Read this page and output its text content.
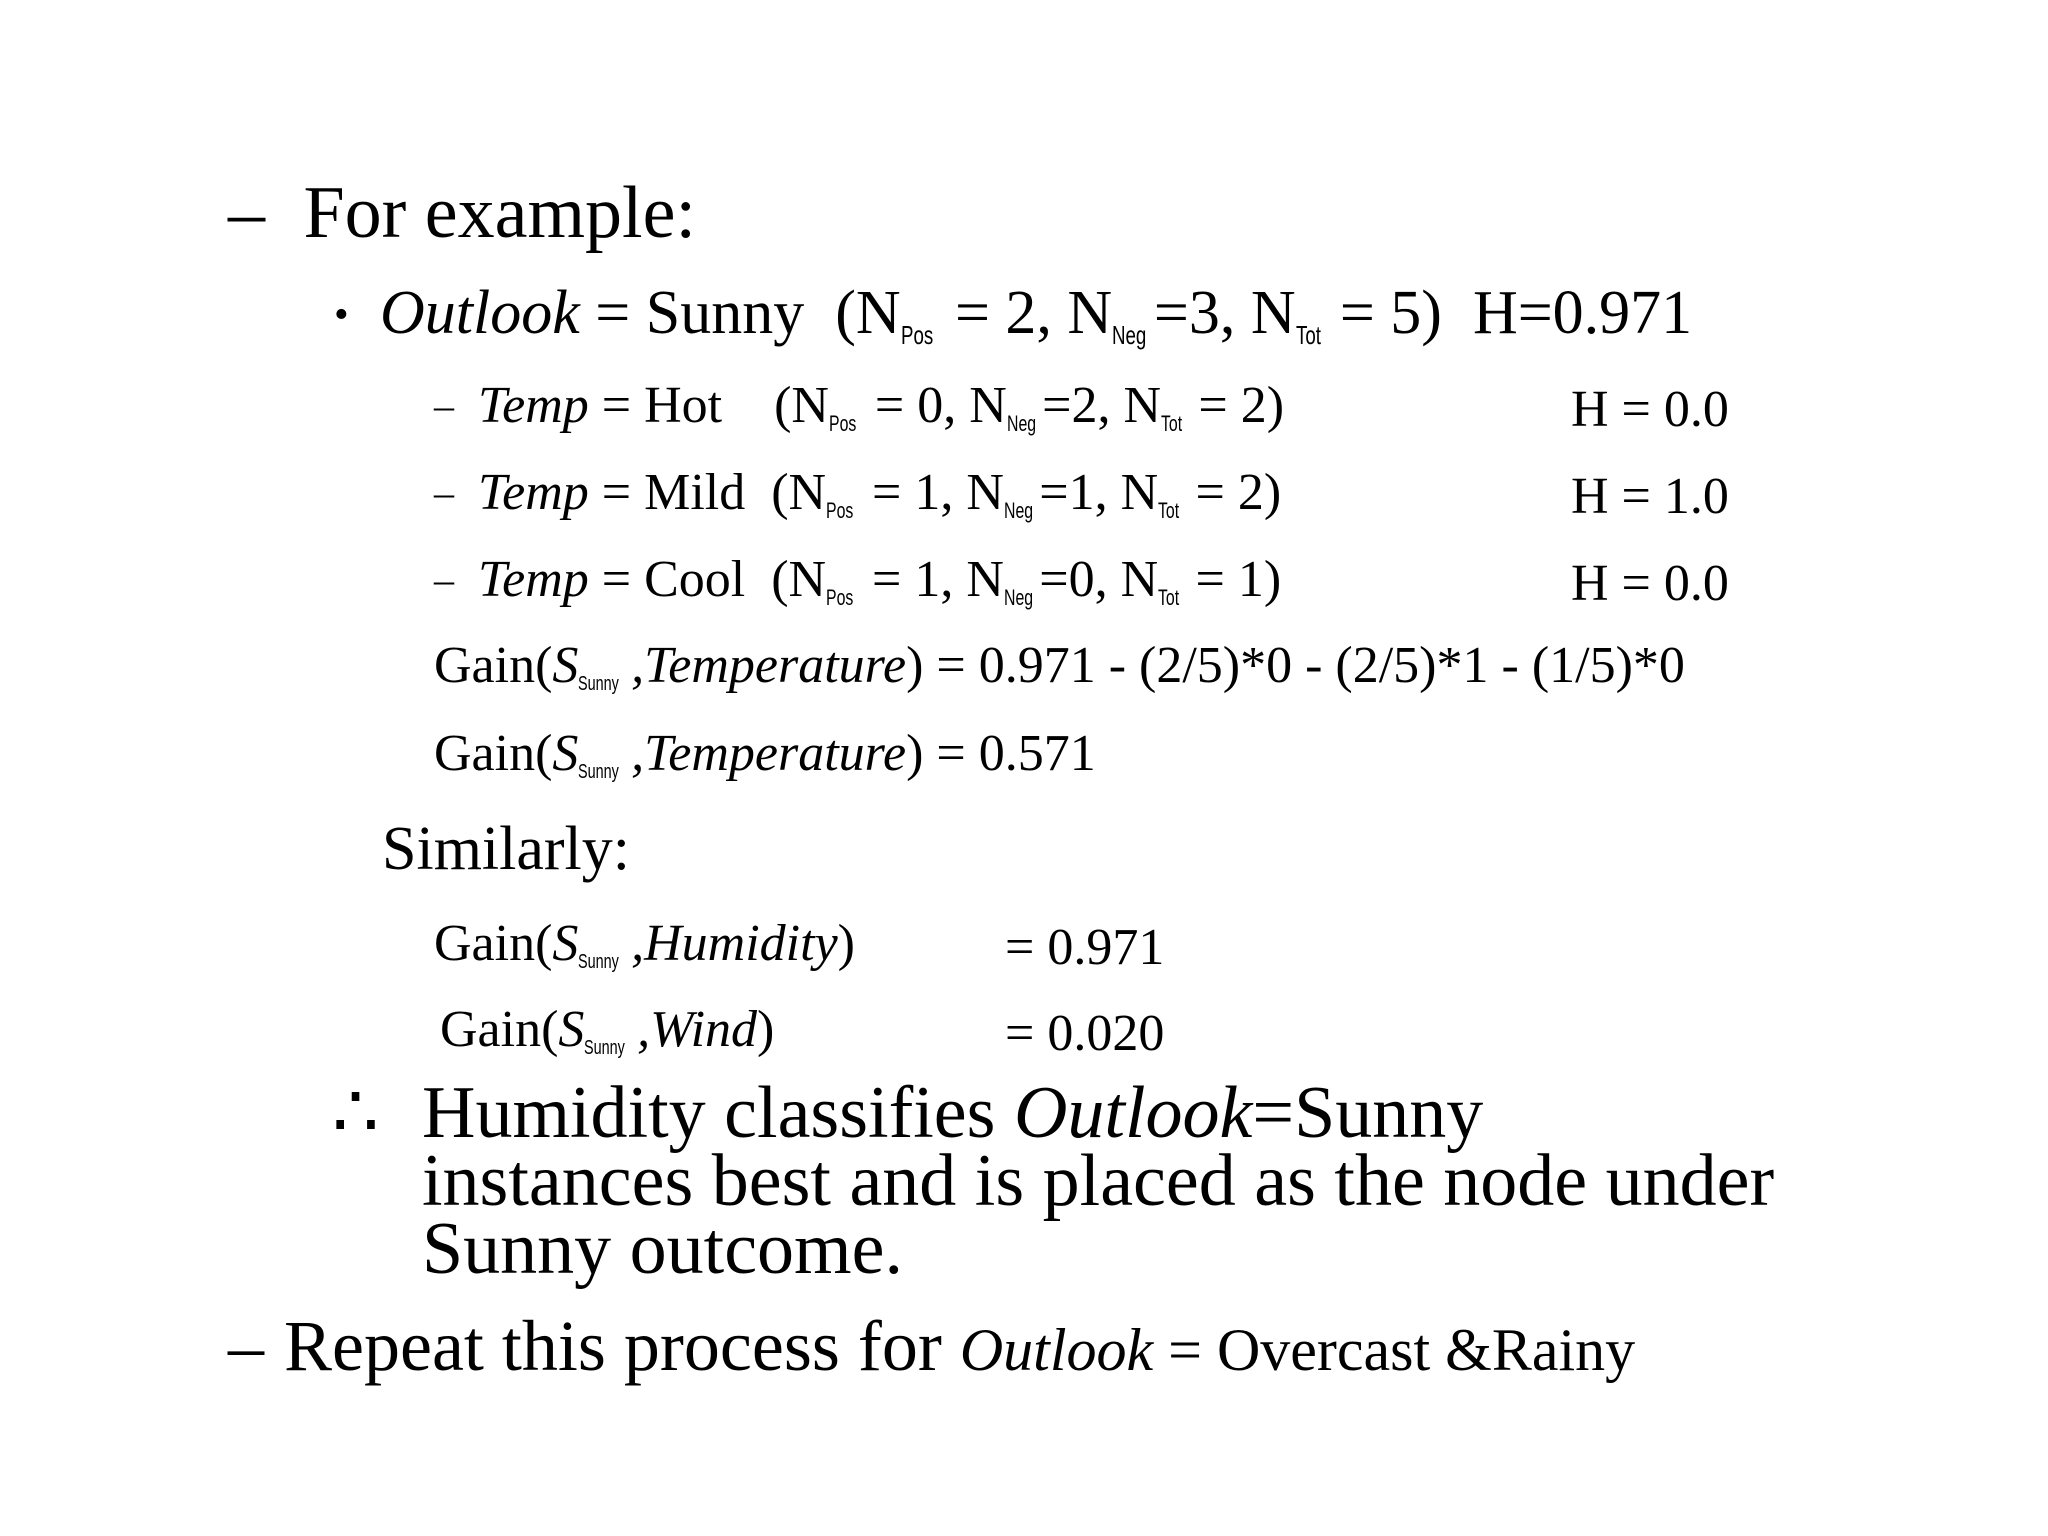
– For example:
• Outlook = Sunny  (NPos = 2, NNeg =3, NTot = 5)  H=0.971
– Temp = Hot    (NPos = 0, NNeg =2, NTot = 2)	H = 0.0
– Temp = Mild  (NPos = 1, NNeg =1, NTot = 2)	H = 1.0
– Temp = Cool  (NPos = 1, NNeg =0, NTot = 1)	H = 0.0
Gain(SSunny ,Temperature) = 0.971 - (2/5)*0 - (2/5)*1 - (1/5)*0
Gain(SSunny ,Temperature) = 0.571
Similarly:
Gain(SSunny ,Humidity)	= 0.971
Gain(SSunny ,Wind)	= 0.020
∴ Humidity classifies Outlook=Sunny
instances best and is placed as the node under
Sunny outcome.
– Repeat this process for Outlook = Overcast &Rainy
